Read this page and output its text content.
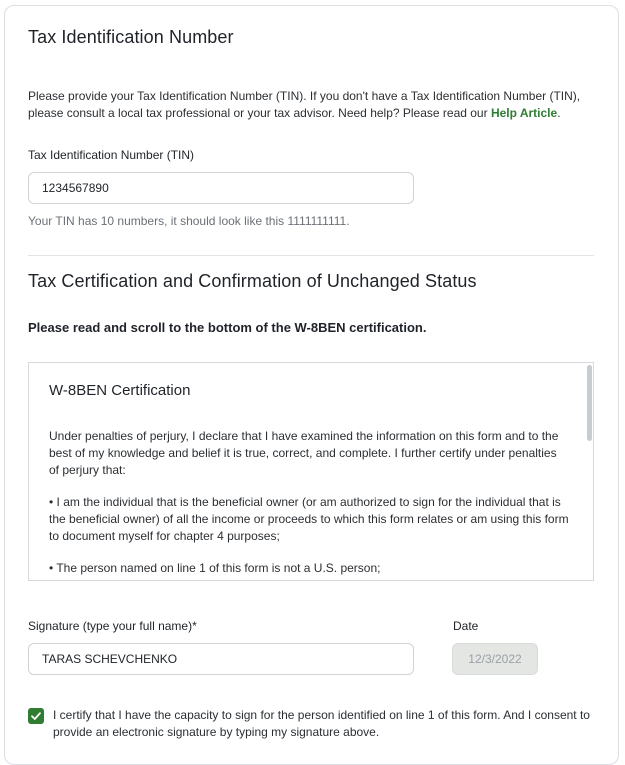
Tax Identification Number
Please provide your Tax Identification Number (TIN). If you don't have a Tax Identification Number (TIN), please consult a local tax professional or your tax advisor. Need help? Please read our Help Article.
Tax Identification Number (TIN)
1234567890
Your TIN has 10 numbers, it should look like this 1111111111.
Tax Certification and Confirmation of Unchanged Status
Please read and scroll to the bottom of the W-8BEN certification.
W-8BEN Certification
Under penalties of perjury, I declare that I have examined the information on this form and to the best of my knowledge and belief it is true, correct, and complete. I further certify under penalties of perjury that:
• I am the individual that is the beneficial owner (or am authorized to sign for the individual that is the beneficial owner) of all the income or proceeds to which this form relates or am using this form to document myself for chapter 4 purposes;
• The person named on line 1 of this form is not a U.S. person;
Signature (type your full name)*	Date
TARAS SCHEVCHENKO
12/3/2022
I certify that I have the capacity to sign for the person identified on line 1 of this form. And I consent to provide an electronic signature by typing my signature above.
